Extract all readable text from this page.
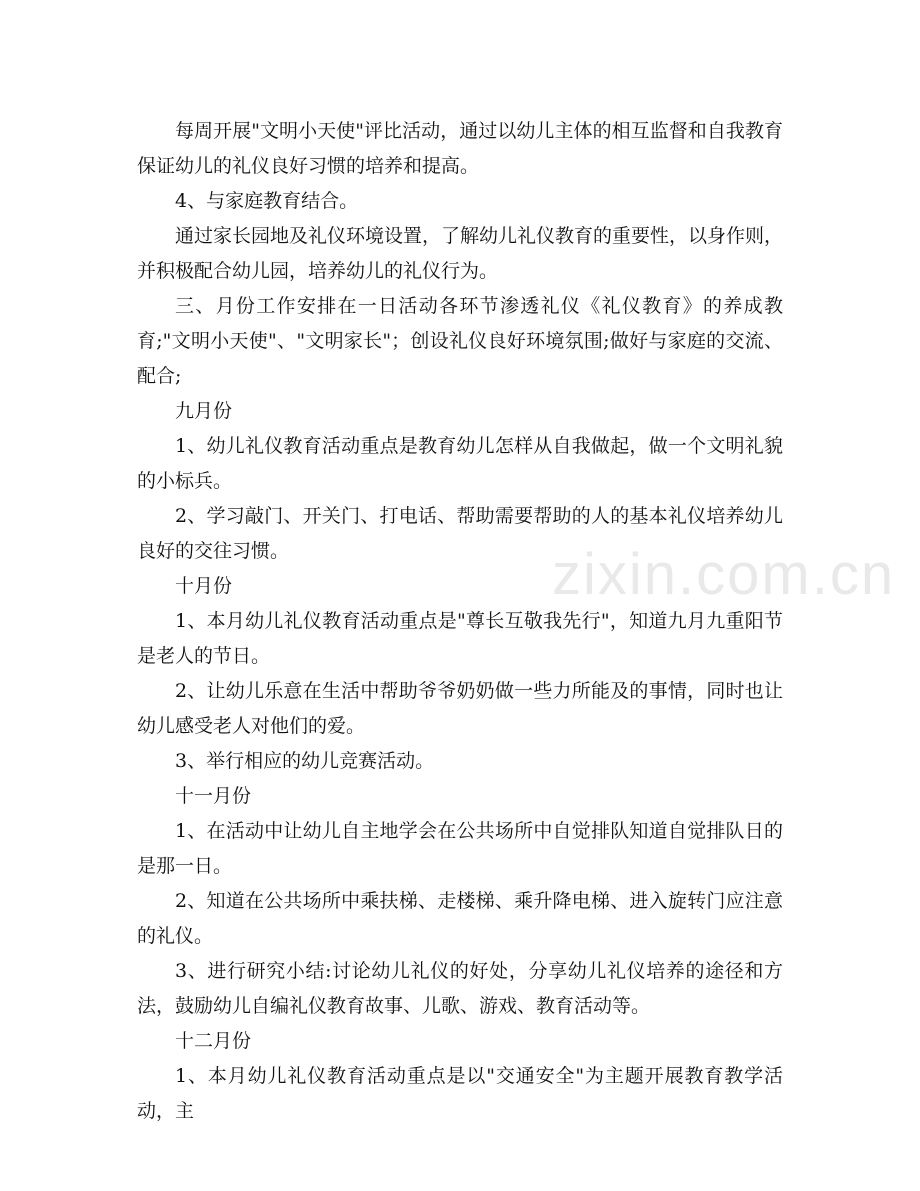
zixin.com.cn

每周开展"文明小天使"评比活动，通过以幼儿主体的相互监督和自我教育保证幼儿的礼仪良好习惯的培养和提高。

4、与家庭教育结合。

通过家长园地及礼仪环境设置，了解幼儿礼仪教育的重要性，以身作则，并积极配合幼儿园，培养幼儿的礼仪行为。

三、月份工作安排在一日活动各环节渗透礼仪《礼仪教育》的养成教育;"文明小天使"、"文明家长"；创设礼仪良好环境氛围;做好与家庭的交流、配合;

九月份

1、幼儿礼仪教育活动重点是教育幼儿怎样从自我做起，做一个文明礼貌的小标兵。

2、学习敲门、开关门、打电话、帮助需要帮助的人的基本礼仪培养幼儿良好的交往习惯。

十月份

1、本月幼儿礼仪教育活动重点是"尊长互敬我先行"，知道九月九重阳节是老人的节日。

2、让幼儿乐意在生活中帮助爷爷奶奶做一些力所能及的事情，同时也让幼儿感受老人对他们的爱。

3、举行相应的幼儿竞赛活动。

十一月份

1、在活动中让幼儿自主地学会在公共场所中自觉排队知道自觉排队日的是那一日。

2、知道在公共场所中乘扶梯、走楼梯、乘升降电梯、进入旋转门应注意的礼仪。

3、进行研究小结:讨论幼儿礼仪的好处，分享幼儿礼仪培养的途径和方法，鼓励幼儿自编礼仪教育故事、儿歌、游戏、教育活动等。

十二月份

1、本月幼儿礼仪教育活动重点是以"交通安全"为主题开展教育教学活动，主
